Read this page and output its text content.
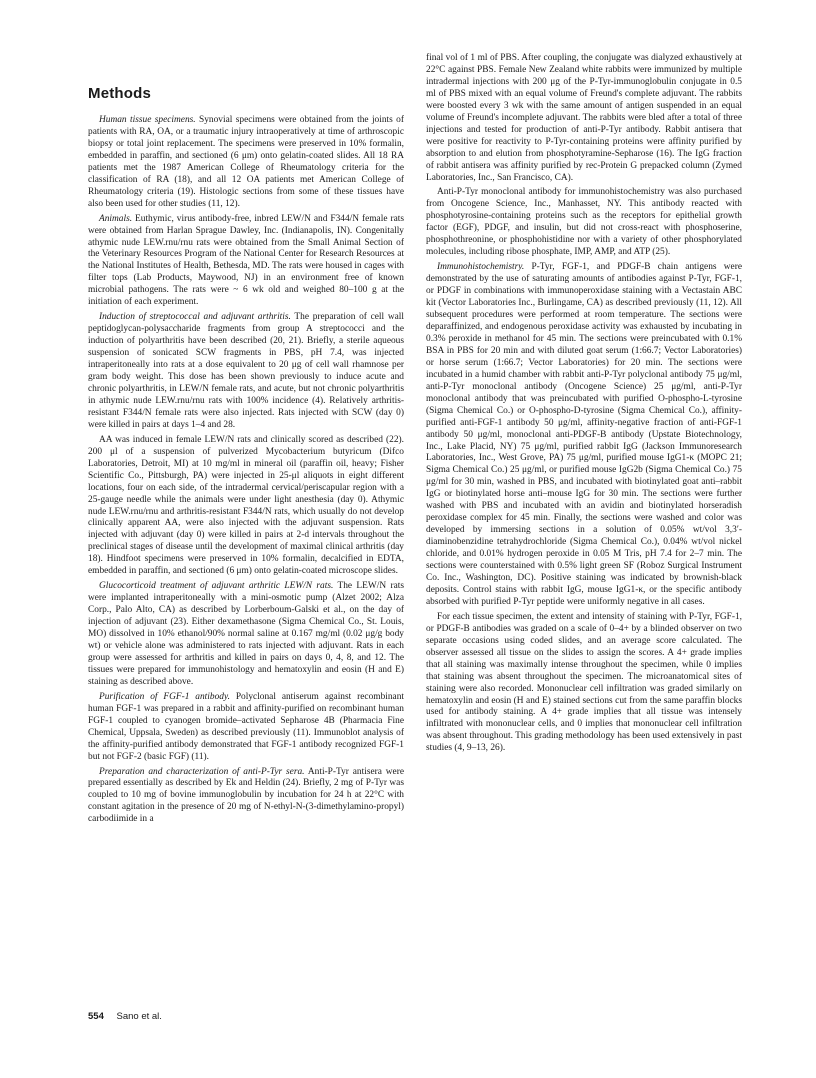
Methods

Human tissue specimens. Synovial specimens were obtained from the joints of patients with RA, OA, or a traumatic injury intraoperatively at time of arthroscopic biopsy or total joint replacement. The specimens were preserved in 10% formalin, embedded in paraffin, and sectioned (6 μm) onto gelatin-coated slides. All 18 RA patients met the 1987 American College of Rheumatology criteria for the classification of RA (18), and all 12 OA patients met American College of Rheumatology criteria (19). Histologic sections from some of these tissues have also been used for other studies (11, 12).

Animals. Euthymic, virus antibody-free, inbred LEW/N and F344/N female rats were obtained from Harlan Sprague Dawley, Inc. (Indianapolis, IN). Congenitally athymic nude LEW.rnu/rnu rats were obtained from the Small Animal Section of the Veterinary Resources Program of the National Center for Research Resources at the National Institutes of Health, Bethesda, MD. The rats were housed in cages with filter tops (Lab Products, Maywood, NJ) in an environment free of known microbial pathogens. The rats were ~ 6 wk old and weighed 80–100 g at the initiation of each experiment.

Induction of streptococcal and adjuvant arthritis. The preparation of cell wall peptidoglycan-polysaccharide fragments from group A streptococci and the induction of polyarthritis have been described (20, 21). Briefly, a sterile aqueous suspension of sonicated SCW fragments in PBS, pH 7.4, was injected intraperitoneally into rats at a dose equivalent to 20 μg of cell wall rhamnose per gram body weight. This dose has been shown previously to induce acute and chronic polyarthritis, in LEW/N female rats, and acute, but not chronic polyarthritis in athymic nude LEW.rnu/rnu rats with 100% incidence (4). Relatively arthritis-resistant F344/N female rats were also injected. Rats injected with SCW (day 0) were killed in pairs at days 1–4 and 28.

AA was induced in female LEW/N rats and clinically scored as described (22). 200 μl of a suspension of pulverized Mycobacterium butyricum (Difco Laboratories, Detroit, MI) at 10 mg/ml in mineral oil (paraffin oil, heavy; Fisher Scientific Co., Pittsburgh, PA) were injected in 25-μl aliquots in eight different locations, four on each side, of the intradermal cervical/periscapular region with a 25-gauge needle while the animals were under light anesthesia (day 0). Athymic nude LEW.rnu/rnu and arthritis-resistant F344/N rats, which usually do not develop clinically apparent AA, were also injected with the adjuvant suspension. Rats injected with adjuvant (day 0) were killed in pairs at 2-d intervals throughout the preclinical stages of disease until the development of maximal clinical arthritis (day 18). Hindfoot specimens were preserved in 10% formalin, decalcified in EDTA, embedded in paraffin, and sectioned (6 μm) onto gelatin-coated microscope slides.

Glucocorticoid treatment of adjuvant arthritic LEW/N rats. The LEW/N rats were implanted intraperitoneally with a mini-osmotic pump (Alzet 2002; Alza Corp., Palo Alto, CA) as described by Lorberboum-Galski et al., on the day of injection of adjuvant (23). Either dexamethasone (Sigma Chemical Co., St. Louis, MO) dissolved in 10% ethanol/90% normal saline at 0.167 mg/ml (0.02 μg/g body wt) or vehicle alone was administered to rats injected with adjuvant. Rats in each group were assessed for arthritis and killed in pairs on days 0, 4, 8, and 12. The tissues were prepared for immunohistology and hematoxylin and eosin (H and E) staining as described above.

Purification of FGF-1 antibody. Polyclonal antiserum against recombinant human FGF-1 was prepared in a rabbit and affinity-purified on recombinant human FGF-1 coupled to cyanogen bromide–activated Sepharose 4B (Pharmacia Fine Chemical, Uppsala, Sweden) as described previously (11). Immunoblot analysis of the affinity-purified antibody demonstrated that FGF-1 antibody recognized FGF-1 but not FGF-2 (basic FGF) (11).

Preparation and characterization of anti-P-Tyr sera. Anti-P-Tyr antisera were prepared essentially as described by Ek and Heldin (24). Briefly, 2 mg of P-Tyr was coupled to 10 mg of bovine immunoglobulin by incubation for 24 h at 22°C with constant agitation in the presence of 20 mg of N-ethyl-N-(3-dimethylamino-propyl) carbodiimide in a

final vol of 1 ml of PBS. After coupling, the conjugate was dialyzed exhaustively at 22°C against PBS. Female New Zealand white rabbits were immunized by multiple intradermal injections with 200 μg of the P-Tyr-immunoglobulin conjugate in 0.5 ml of PBS mixed with an equal volume of Freund's complete adjuvant. The rabbits were boosted every 3 wk with the same amount of antigen suspended in an equal volume of Freund's incomplete adjuvant. The rabbits were bled after a total of three injections and tested for production of anti-P-Tyr antibody. Rabbit antisera that were positive for reactivity to P-Tyr-containing proteins were affinity purified by absorption to and elution from phosphotyramine-Sepharose (16). The IgG fraction of rabbit antisera was affinity purified by rec-Protein G prepacked column (Zymed Laboratories, Inc., San Francisco, CA).

Anti-P-Tyr monoclonal antibody for immunohistochemistry was also purchased from Oncogene Science, Inc., Manhasset, NY. This antibody reacted with phosphotyrosine-containing proteins such as the receptors for epithelial growth factor (EGF), PDGF, and insulin, but did not cross-react with phosphoserine, phosphothreonine, or phosphohistidine nor with a variety of other phosphorylated molecules, including ribose phosphate, IMP, AMP, and ATP (25).

Immunohistochemistry. P-Tyr, FGF-1, and PDGF-B chain antigens were demonstrated by the use of saturating amounts of antibodies against P-Tyr, FGF-1, or PDGF in combinations with immunoperoxidase staining with a Vectastain ABC kit (Vector Laboratories Inc., Burlingame, CA) as described previously (11, 12). All subsequent procedures were performed at room temperature. The sections were deparaffinized, and endogenous peroxidase activity was exhausted by incubating in 0.3% peroxide in methanol for 45 min. The sections were preincubated with 0.1% BSA in PBS for 20 min and with diluted goat serum (1:66.7; Vector Laboratories) or horse serum (1:66.7; Vector Laboratories) for 20 min. The sections were incubated in a humid chamber with rabbit anti-P-Tyr polyclonal antibody 75 μg/ml, anti-P-Tyr monoclonal antibody (Oncogene Science) 25 μg/ml, anti-P-Tyr monoclonal antibody that was preincubated with purified O-phospho-L-tyrosine (Sigma Chemical Co.) or O-phospho-D-tyrosine (Sigma Chemical Co.), affinity-purified anti-FGF-1 antibody 50 μg/ml, affinity-negative fraction of anti-FGF-1 antibody 50 μg/ml, monoclonal anti-PDGF-B antibody (Upstate Biotechnology, Inc., Lake Placid, NY) 75 μg/ml, purified rabbit IgG (Jackson Immunoresearch Laboratories, Inc., West Grove, PA) 75 μg/ml, purified mouse IgG1-κ (MOPC 21; Sigma Chemical Co.) 25 μg/ml, or purified mouse IgG2b (Sigma Chemical Co.) 75 μg/ml for 30 min, washed in PBS, and incubated with biotinylated goat anti–rabbit IgG or biotinylated horse anti–mouse IgG for 30 min. The sections were further washed with PBS and incubated with an avidin and biotinylated horseradish peroxidase complex for 45 min. Finally, the sections were washed and color was developed by immersing sections in a solution of 0.05% wt/vol 3,3′-diaminobenzidine tetrahydrochloride (Sigma Chemical Co.), 0.04% wt/vol nickel chloride, and 0.01% hydrogen peroxide in 0.05 M Tris, pH 7.4 for 2–7 min. The sections were counterstained with 0.5% light green SF (Roboz Surgical Instrument Co. Inc., Washington, DC). Positive staining was indicated by brownish-black deposits. Control stains with rabbit IgG, mouse IgG1-κ, or the specific antibody absorbed with purified P-Tyr peptide were uniformly negative in all cases.

For each tissue specimen, the extent and intensity of staining with P-Tyr, FGF-1, or PDGF-B antibodies was graded on a scale of 0–4+ by a blinded observer on two separate occasions using coded slides, and an average score calculated. The observer assessed all tissue on the slides to assign the scores. A 4+ grade implies that all staining was maximally intense throughout the specimen, while 0 implies that staining was absent throughout the specimen. The microanatomical sites of staining were also recorded. Mononuclear cell infiltration was graded similarly on hematoxylin and eosin (H and E) stained sections cut from the same paraffin blocks used for antibody staining. A 4+ grade implies that all tissue was intensely infiltrated with mononuclear cells, and 0 implies that mononuclear cell infiltration was absent throughout. This grading methodology has been used extensively in past studies (4, 9–13, 26).

554 Sano et al.
